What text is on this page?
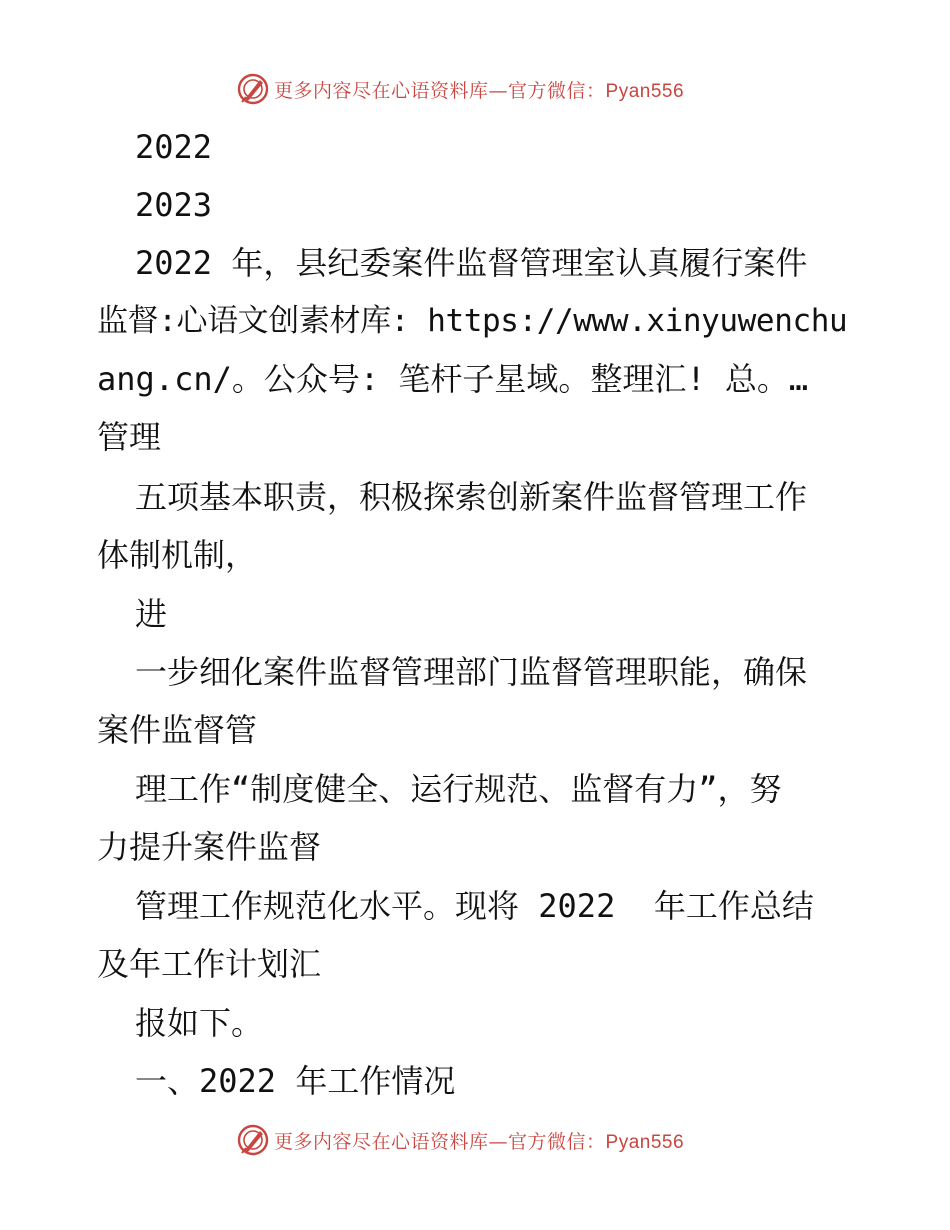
更多内容尽在心语资料库—官方微信：Pyan556
2022
2023
2022 年，县纪委案件监督管理室认真履行案件
监督:心语文创素材库: https://www.xinyuwenchu
ang.cn/。公众号: 笔杆子星域。整理汇! 总。…
管理
五项基本职责，积极探索创新案件监督管理工作
体制机制，
进
一步细化案件监督管理部门监督管理职能，确保
案件监督管
理工作“制度健全、运行规范、监督有力”，努
力提升案件监督
管理工作规范化水平。现将 2022  年工作总结
及年工作计划汇
报如下。
一、2022 年工作情况
更多内容尽在心语资料库—官方微信：Pyan556
